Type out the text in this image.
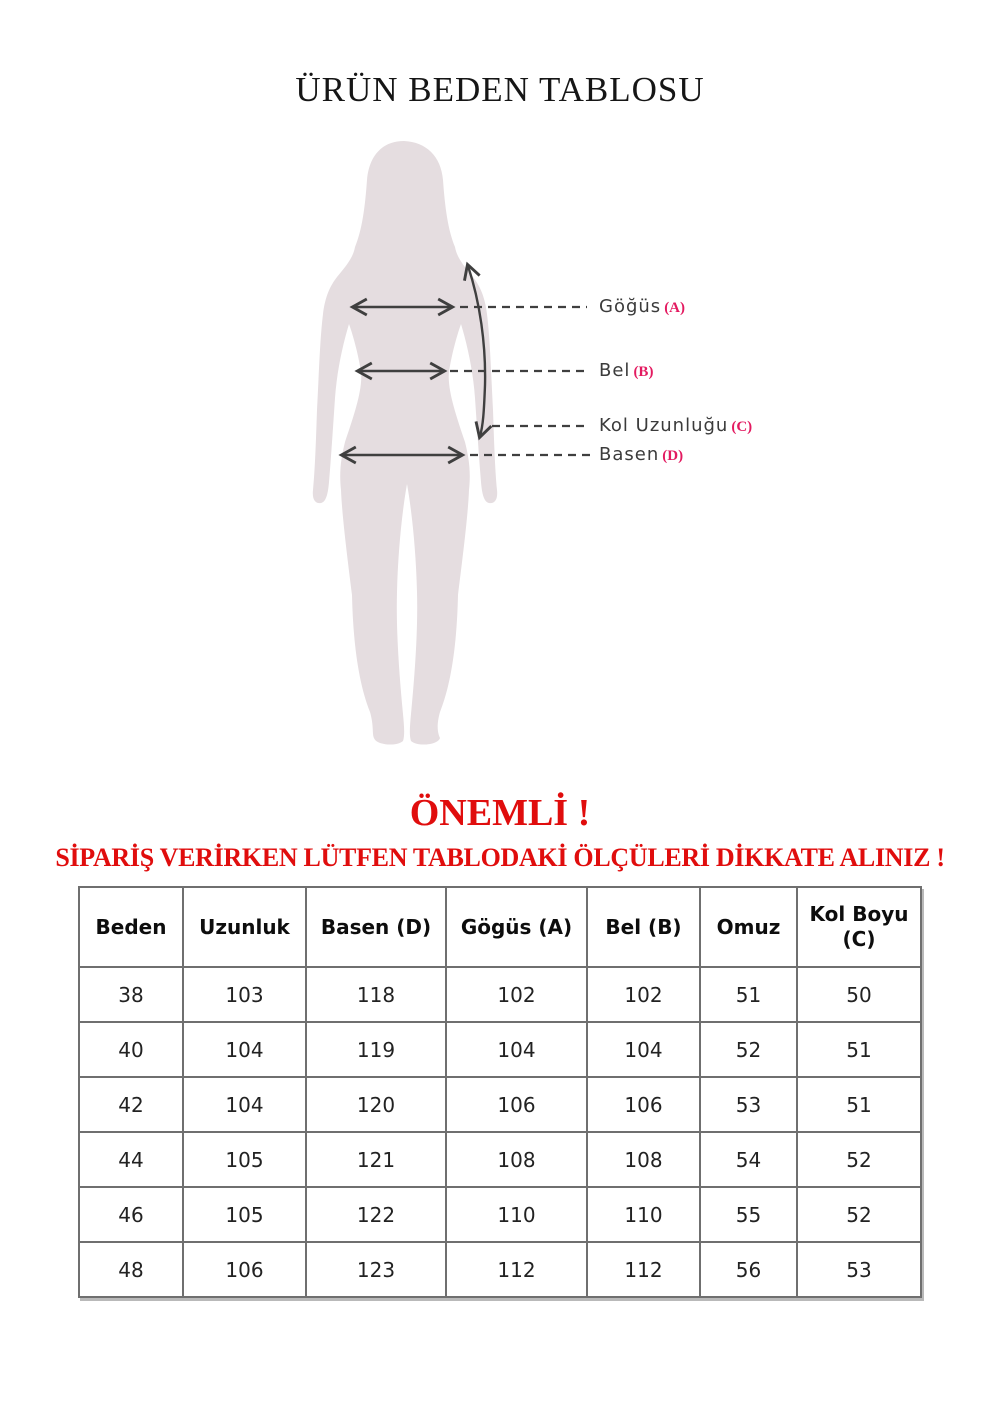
ÜRÜN BEDEN TABLOSU
Göğüs (A)
Bel (B)
Kol Uzunluğu (C)
Basen (D)
ÖNEMLİ !
SİPARİŞ VERİRKEN LÜTFEN TABLODAKİ ÖLÇÜLERİ DİKKATE ALINIZ !
Beden	Uzunluk	Basen (D)	Gögüs (A)	Bel (B)	Omuz	Kol Boyu (C)
38	103	118	102	102	51	50
40	104	119	104	104	52	51
42	104	120	106	106	53	51
44	105	121	108	108	54	52
46	105	122	110	110	55	52
48	106	123	112	112	56	53
